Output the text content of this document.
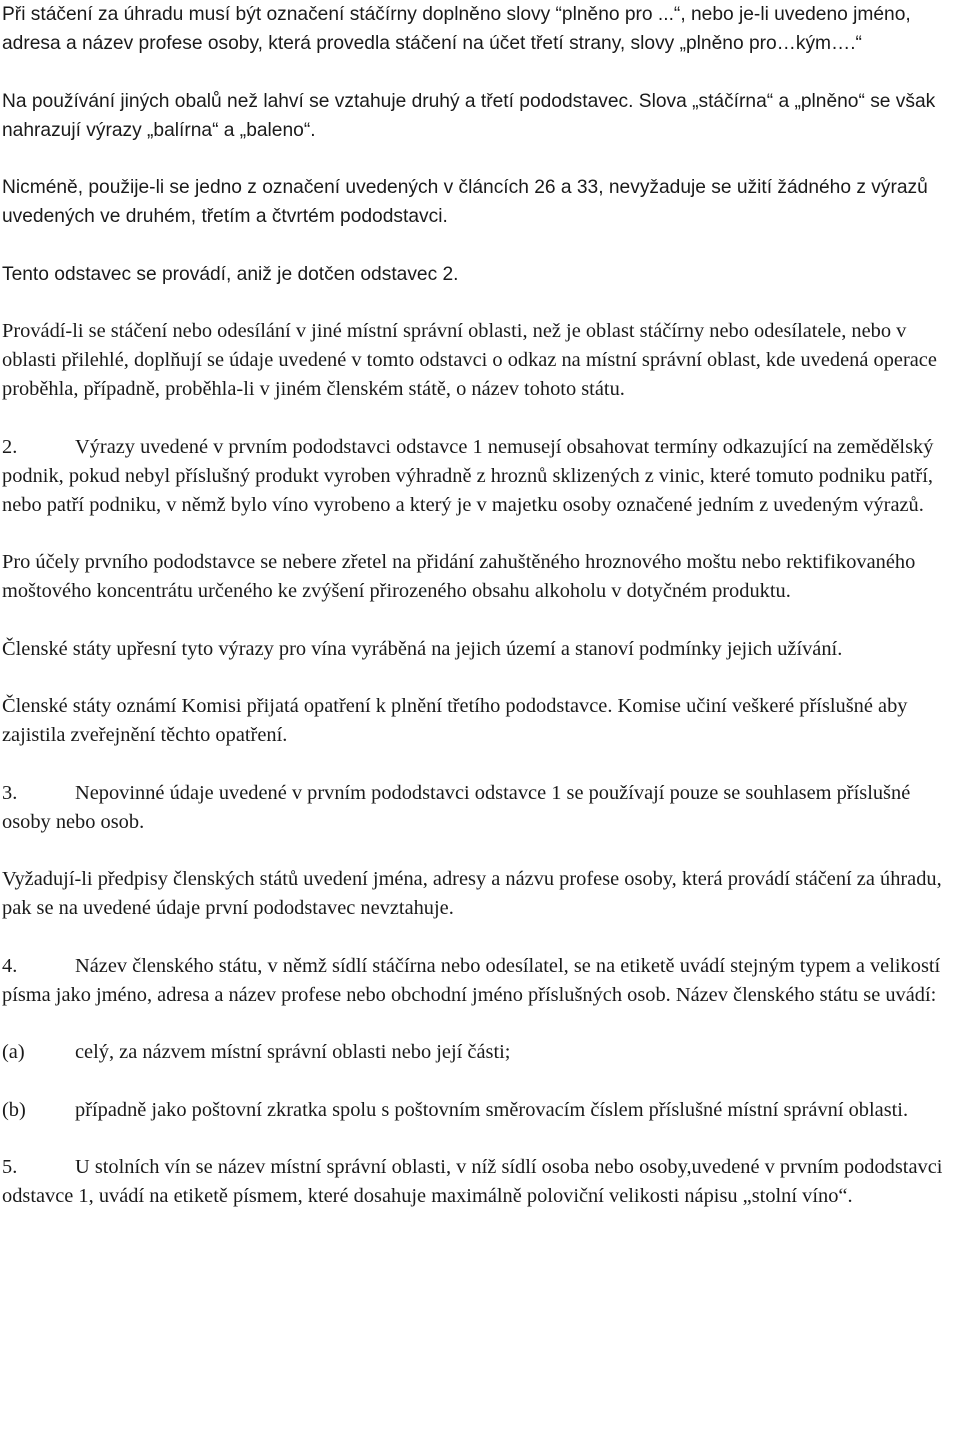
Při stáčení za úhradu musí být označení stáčírny doplněno slovy “plněno pro ...“, nebo je-li uvedeno jméno, adresa a název profese osoby, která provedla stáčení na účet třetí strany, slovy „plněno pro…kým….“

Na používání jiných obalů než lahví se vztahuje druhý a třetí pododstavec. Slova „stáčírna“ a „plněno“ se však nahrazují výrazy „balírna“ a „baleno“.

Nicméně, použije-li se jedno z označení uvedených v článcích 26 a 33, nevyžaduje se užití žádného z výrazů uvedených ve druhém, třetím a čtvrtém pododstavci.

Tento odstavec se provádí, aniž je dotčen odstavec 2.

Provádí-li se stáčení nebo odesílání v jiné místní správní oblasti, než je oblast stáčírny nebo odesílatele, nebo v oblasti přilehlé, doplňují se údaje uvedené v tomto odstavci o odkaz na místní správní oblast, kde uvedená operace proběhla, případně, proběhla-li v jiném členském státě, o název tohoto státu.

2.	Výrazy uvedené v prvním pododstavci odstavce 1 nemusejí obsahovat termíny odkazující na zemědělský podnik, pokud nebyl příslušný produkt vyroben výhradně z hroznů sklizených z vinic, které tomuto podniku patří, nebo patří podniku, v němž bylo víno vyrobeno a který je v majetku osoby označené jedním z uvedeným výrazů.

Pro účely prvního pododstavce se nebere zřetel na přidání zahuštěného hroznového moštu nebo rektifikovaného moštového koncentrátu určeného ke zvýšení přirozeného obsahu alkoholu v dotyčném produktu.

Členské státy upřesní tyto výrazy pro vína vyráběná na jejich území a stanoví podmínky jejich užívání.

Členské státy oznámí Komisi přijatá opatření k plnění třetího pododstavce. Komise učiní veškeré příslušné aby zajistila zveřejnění těchto opatření.

3.	Nepovinné údaje uvedené v prvním pododstavci odstavce 1 se používají pouze se souhlasem příslušné osoby nebo osob.

Vyžadují-li předpisy členských států uvedení jména, adresy a názvu profese osoby, která provádí stáčení za úhradu, pak se na uvedené údaje první pododstavec nevztahuje.

4.	Název členského státu, v němž sídlí stáčírna nebo odesílatel, se na etiketě uvádí stejným typem a velikostí písma jako jméno, adresa a název profese nebo obchodní jméno příslušných osob. Název členského státu se uvádí:

(a) celý, za názvem místní správní oblasti nebo její části;
(b) případně jako poštovní zkratka spolu s poštovním směrovacím číslem příslušné místní správní oblasti.

5.	U stolních vín se název místní správní oblasti, v níž sídlí osoba nebo osoby,uvedené v prvním pododstavci odstavce 1, uvádí na etiketě písmem, které dosahuje maximálně poloviční velikosti nápisu „stolní víno“.
